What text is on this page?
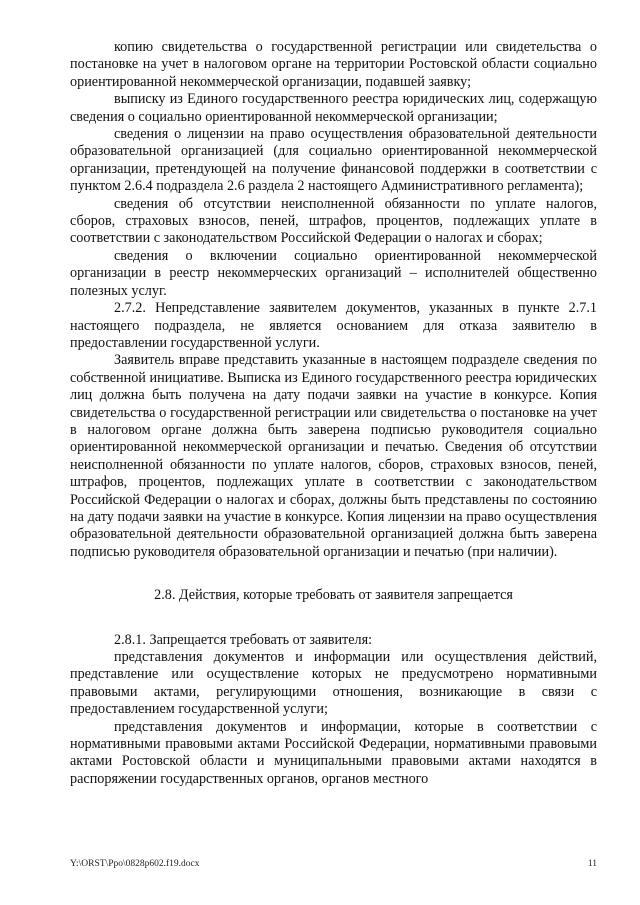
копию свидетельства о государственной регистрации или свидетельства о постановке на учет в налоговом органе на территории Ростовской области социально ориентированной некоммерческой организации, подавшей заявку;

выписку из Единого государственного реестра юридических лиц, содержащую сведения о социально ориентированной некоммерческой организации;

сведения о лицензии на право осуществления образовательной деятельности образовательной организацией (для социально ориентированной некоммерческой организации, претендующей на получение финансовой поддержки в соответствии с пунктом 2.6.4 подраздела 2.6 раздела 2 настоящего Административного регламента);

сведения об отсутствии неисполненной обязанности по уплате налогов, сборов, страховых взносов, пеней, штрафов, процентов, подлежащих уплате в соответствии с законодательством Российской Федерации о налогах и сборах;

сведения о включении социально ориентированной некоммерческой организации в реестр некоммерческих организаций – исполнителей общественно полезных услуг.

2.7.2. Непредставление заявителем документов, указанных в пункте 2.7.1 настоящего подраздела, не является основанием для отказа заявителю в предоставлении государственной услуги.

Заявитель вправе представить указанные в настоящем подразделе сведения по собственной инициативе. Выписка из Единого государственного реестра юридических лиц должна быть получена на дату подачи заявки на участие в конкурсе. Копия свидетельства о государственной регистрации или свидетельства о постановке на учет в налоговом органе должна быть заверена подписью руководителя социально ориентированной некоммерческой организации и печатью. Сведения об отсутствии неисполненной обязанности по уплате налогов, сборов, страховых взносов, пеней, штрафов, процентов, подлежащих уплате в соответствии с законодательством Российской Федерации о налогах и сборах, должны быть представлены по состоянию на дату подачи заявки на участие в конкурсе. Копия лицензии на право осуществления образовательной деятельности образовательной организацией должна быть заверена подписью руководителя образовательной организации и печатью (при наличии).

2.8. Действия, которые требовать от заявителя запрещается

2.8.1. Запрещается требовать от заявителя:

представления документов и информации или осуществления действий, представление или осуществление которых не предусмотрено нормативными правовыми актами, регулирующими отношения, возникающие в связи с предоставлением государственной услуги;

представления документов и информации, которые в соответствии с нормативными правовыми актами Российской Федерации, нормативными правовыми актами Ростовской области и муниципальными правовыми актами находятся в распоряжении государственных органов, органов местного

Y:\ORST\Ppo\0828p602.f19.docx	11
